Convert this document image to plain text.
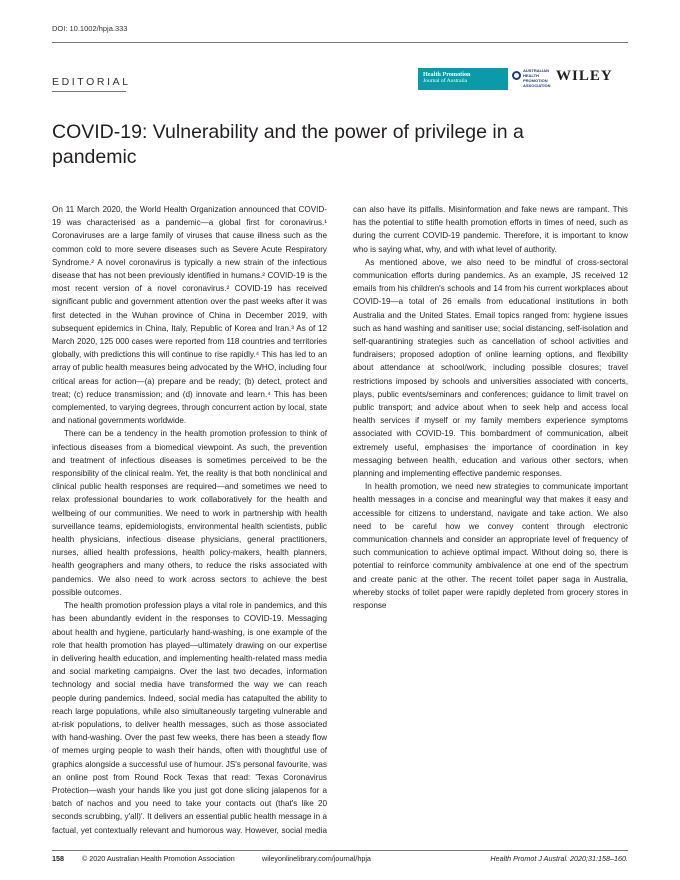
DOI: 10.1002/hpja.333
EDITORIAL
Health Promotion
Journal of Australia
AUSTRALIAN
HEALTH
PROMOTION
ASSOCIATION
WILEY
COVID-19: Vulnerability and the power of privilege in a pandemic

On 11 March 2020, the World Health Organization announced that COVID-19 was characterised as a pandemic—a global first for coronavirus.¹ Coronaviruses are a large family of viruses that cause illness such as the common cold to more severe diseases such as Severe Acute Respiratory Syndrome.² A novel coronavirus is typically a new strain of the infectious disease that has not been previously identified in humans.² COVID-19 is the most recent version of a novel coronavirus.² COVID-19 has received significant public and government attention over the past weeks after it was first detected in the Wuhan province of China in December 2019, with subsequent epidemics in China, Italy, Republic of Korea and Iran.³ As of 12 March 2020, 125 000 cases were reported from 118 countries and territories globally, with predictions this will continue to rise rapidly.⁴ This has led to an array of public health measures being advocated by the WHO, including four critical areas for action—(a) prepare and be ready; (b) detect, protect and treat; (c) reduce transmission; and (d) innovate and learn.⁴ This has been complemented, to varying degrees, through concurrent action by local, state and national governments worldwide.

There can be a tendency in the health promotion profession to think of infectious diseases from a biomedical viewpoint. As such, the prevention and treatment of infectious diseases is sometimes perceived to be the responsibility of the clinical realm. Yet, the reality is that both nonclinical and clinical public health responses are required—and sometimes we need to relax professional boundaries to work collaboratively for the health and wellbeing of our communities. We need to work in partnership with health surveillance teams, epidemiologists, environmental health scientists, public health physicians, infectious disease physicians, general practitioners, nurses, allied health professions, health policy-makers, health planners, health geographers and many others, to reduce the risks associated with pandemics. We also need to work across sectors to achieve the best possible outcomes.

The health promotion profession plays a vital role in pandemics, and this has been abundantly evident in the responses to COVID-19. Messaging about health and hygiene, particularly hand-washing, is one example of the role that health promotion has played—ultimately drawing on our expertise in delivering health education, and implementing health-related mass media and social marketing campaigns. Over the last two decades, information technology and social media have transformed the way we can reach people during pandemics. Indeed, social media has catapulted the ability to reach large populations, while also simultaneously targeting vulnerable and at-risk populations, to deliver health messages, such as those associated with hand-washing. Over the past few weeks, there has been a steady flow of memes urging people to wash their hands, often with thoughtful use of graphics alongside a successful use of humour. JS's personal favourite, was an online post from Round Rock Texas that read: 'Texas Coronavirus Protection—wash your hands like you just got done slicing jalapenos for a batch of nachos and you need to take your contacts out (that's like 20 seconds scrubbing, y'all)'. It delivers an essential public health message in a factual, yet contextually relevant and humorous way. However, social media can also have its pitfalls. Misinformation and fake news are rampant. This has the potential to stifle health promotion efforts in times of need, such as during the current COVID-19 pandemic. Therefore, it is important to know who is saying what, why, and with what level of authority.

As mentioned above, we also need to be mindful of cross-sectoral communication efforts during pandemics. As an example, JS received 12 emails from his children's schools and 14 from his current workplaces about COVID-19—a total of 26 emails from educational institutions in both Australia and the United States. Email topics ranged from: hygiene issues such as hand washing and sanitiser use; social distancing, self-isolation and self-quarantining strategies such as cancellation of school activities and fundraisers; proposed adoption of online learning options, and flexibility about attendance at school/work, including possible closures; travel restrictions imposed by schools and universities associated with concerts, plays, public events/seminars and conferences; guidance to limit travel on public transport; and advice about when to seek help and access local health services if myself or my family members experience symptoms associated with COVID-19. This bombardment of communication, albeit extremely useful, emphasises the importance of coordination in key messaging between health, education and various other sectors, when planning and implementing effective pandemic responses.

In health promotion, we need new strategies to communicate important health messages in a concise and meaningful way that makes it easy and accessible for citizens to understand, navigate and take action. We also need to be careful how we convey content through electronic communication channels and consider an appropriate level of frequency of such communication to achieve optimal impact. Without doing so, there is potential to reinforce community ambivalence at one end of the spectrum and create panic at the other. The recent toilet paper saga in Australia, whereby stocks of toilet paper were rapidly depleted from grocery stores in response

158	© 2020 Australian Health Promotion Association	wileyonlinelibrary.com/journal/hpja	Health Promot J Austral. 2020;31:158–160.
